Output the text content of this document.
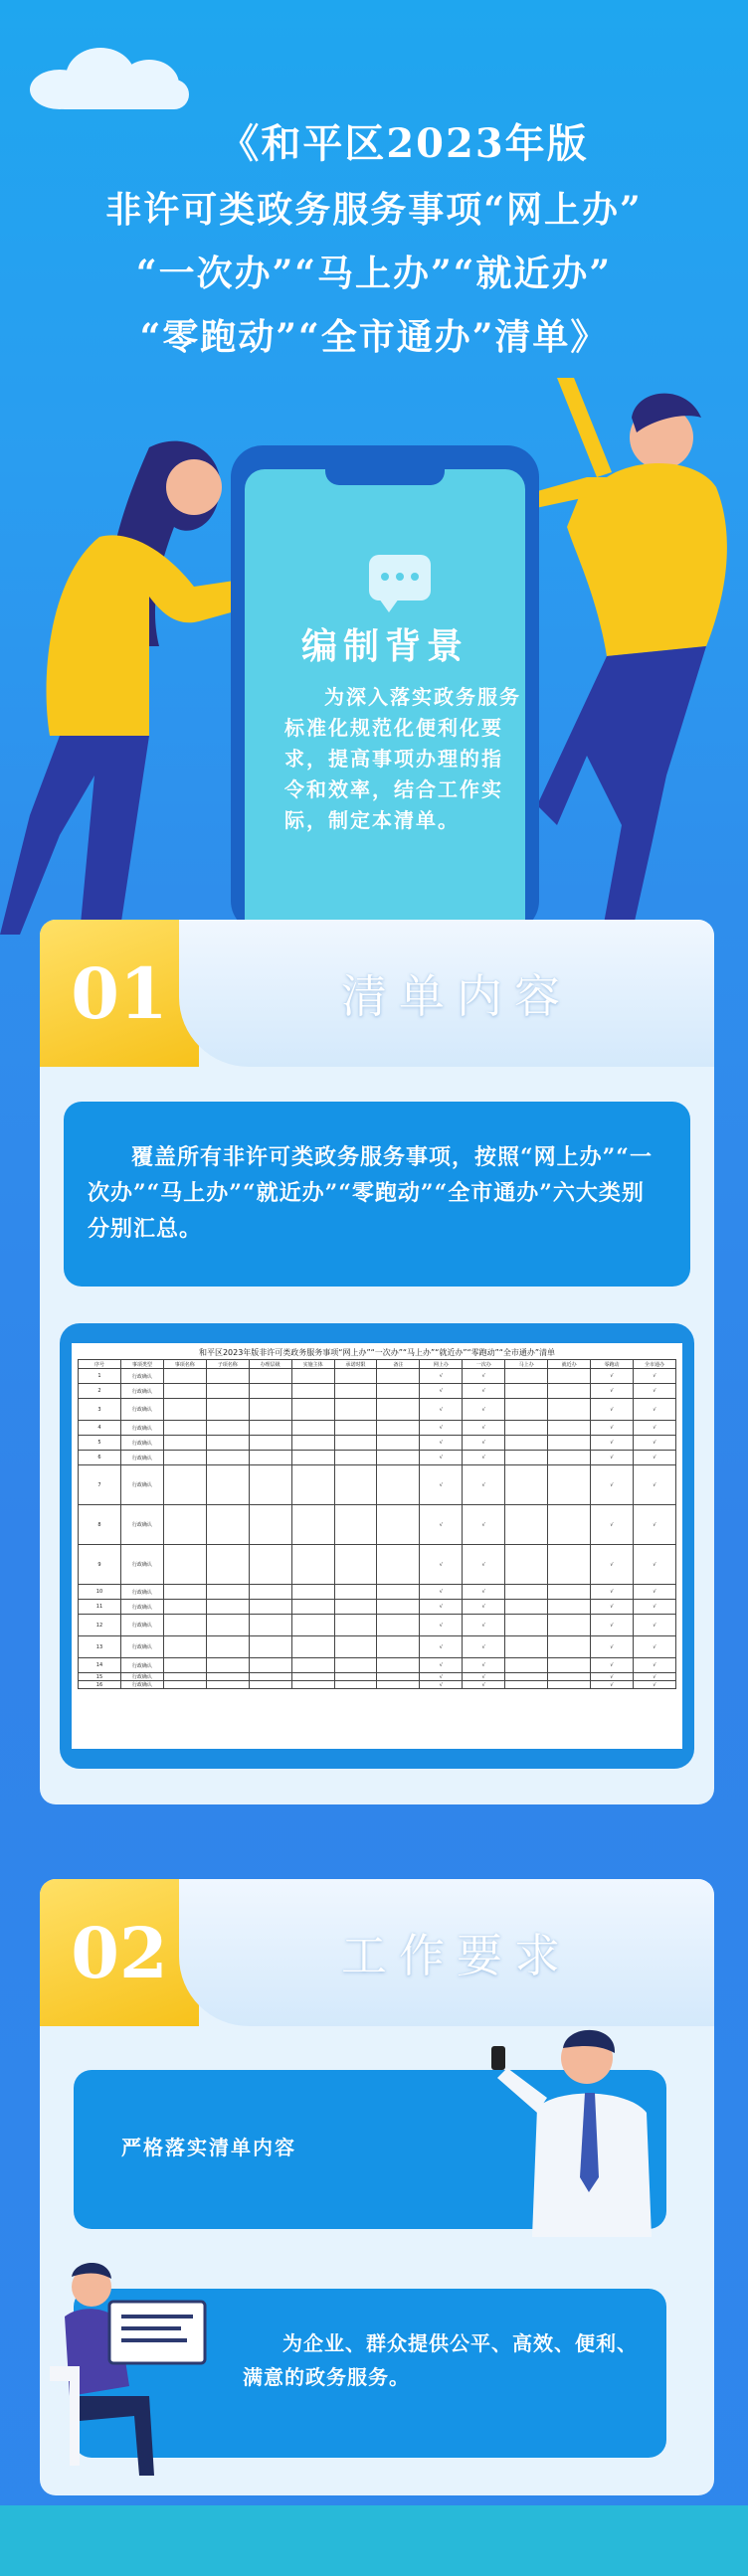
《和平区2023年版
非许可类政务服务事项“网上办”
“一次办”“马上办”“就近办”
“零跑动”“全市通办”清单》
编制背景
为深入落实政务服务标准化规范化便利化要求，提高事项办理的指令和效率，结合工作实际，制定本清单。
01	清单内容
覆盖所有非许可类政务服务事项，按照“网上办”“一次办”“马上办”“就近办”“零跑动”“全市通办”六大类别分别汇总。
和平区2023年版非许可类政务服务事项“网上办”“一次办”“马上办”“就近办”“零跑动”“全市通办”清单
序号	事项类型	事项名称	子项名称	办理层级	实施主体	承诺时限	备注	网上办	一次办	马上办	就近办	零跑动	全市通办
1	行政确认							√	√			√	√
2	行政确认							√	√			√	√
3	行政确认							√	√			√	√
4	行政确认							√	√			√	√
5	行政确认							√	√			√	√
6	行政确认							√	√			√	√
7	行政确认							√	√			√	√
8	行政确认							√	√			√	√
9	行政确认							√	√			√	√
10	行政确认							√	√			√	√
11	行政确认							√	√			√	√
12	行政确认							√	√			√	√
13	行政确认							√	√			√	√
14	行政确认							√	√			√	√
15	行政确认							√	√			√	√
16	行政确认							√	√			√	√
02	工作要求
严格落实清单内容
为企业、群众提供公平、高效、便利、满意的政务服务。
